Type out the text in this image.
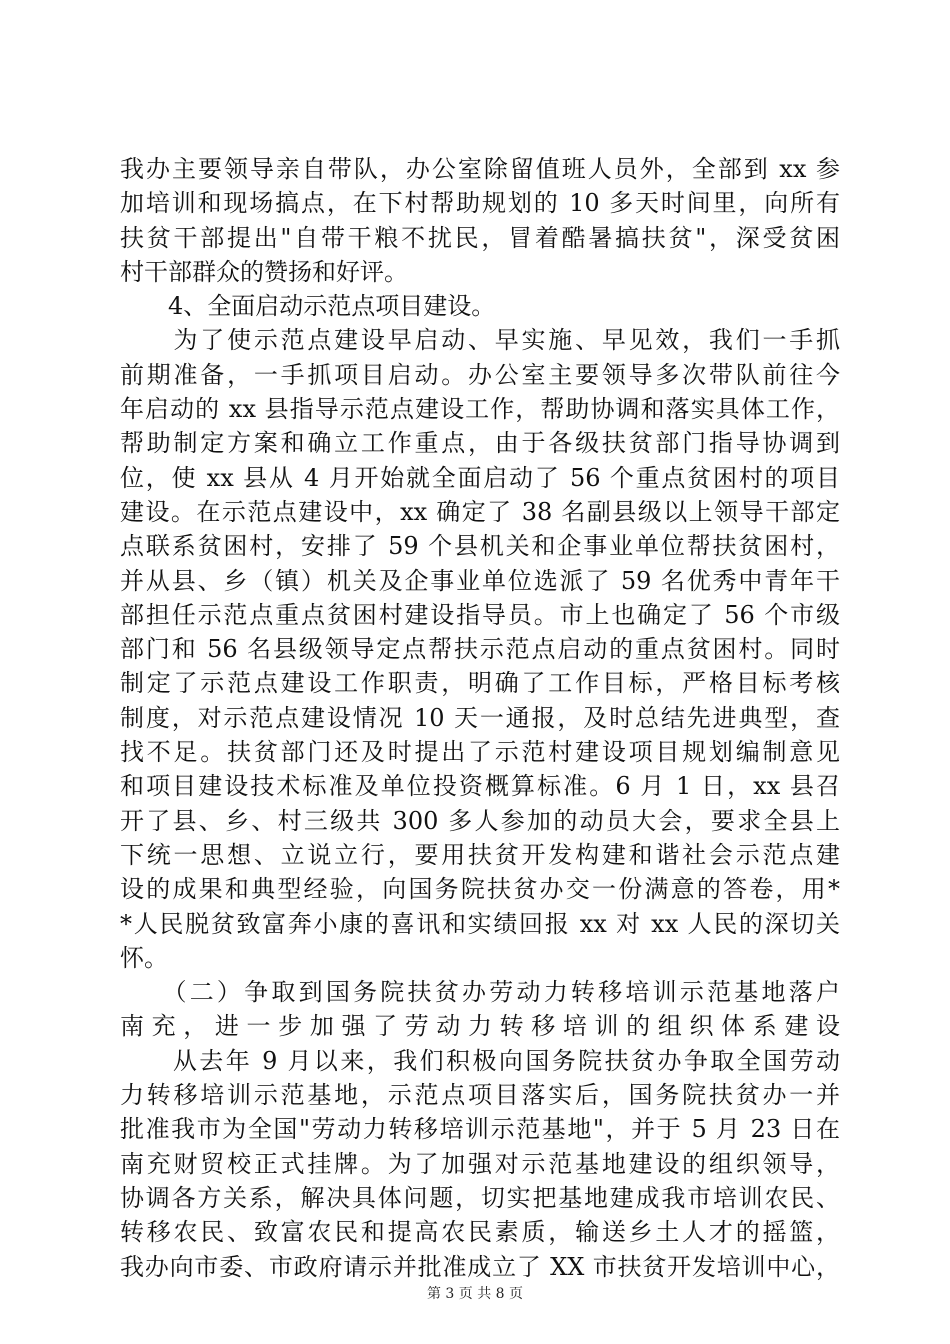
我办主要领导亲自带队，办公室除留值班人员外，全部到 xx 参
加培训和现场搞点，在下村帮助规划的 10 多天时间里，向所有
扶贫干部提出"自带干粮不扰民，冒着酷暑搞扶贫"，深受贫困
村干部群众的赞扬和好评。
　　4、全面启动示范点项目建设。
　　为了使示范点建设早启动、早实施、早见效，我们一手抓
前期准备，一手抓项目启动。办公室主要领导多次带队前往今
年启动的 xx 县指导示范点建设工作，帮助协调和落实具体工作，
帮助制定方案和确立工作重点，由于各级扶贫部门指导协调到
位，使 xx 县从 4 月开始就全面启动了 56 个重点贫困村的项目
建设。在示范点建设中，xx 确定了 38 名副县级以上领导干部定
点联系贫困村，安排了 59 个县机关和企事业单位帮扶贫困村，
并从县、乡（镇）机关及企事业单位选派了 59 名优秀中青年干
部担任示范点重点贫困村建设指导员。市上也确定了 56 个市级
部门和 56 名县级领导定点帮扶示范点启动的重点贫困村。同时
制定了示范点建设工作职责，明确了工作目标，严格目标考核
制度，对示范点建设情况 10 天一通报，及时总结先进典型，查
找不足。扶贫部门还及时提出了示范村建设项目规划编制意见
和项目建设技术标准及单位投资概算标准。6 月 1 日，xx 县召
开了县、乡、村三级共 300 多人参加的动员大会，要求全县上
下统一思想、立说立行，要用扶贫开发构建和谐社会示范点建
设的成果和典型经验，向国务院扶贫办交一份满意的答卷，用*
*人民脱贫致富奔小康的喜讯和实绩回报 xx 对 xx 人民的深切关
怀。
　　（二）争取到国务院扶贫办劳动力转移培训示范基地落户
南充，进一步加强了劳动力转移培训的组织体系建设
　　从去年 9 月以来，我们积极向国务院扶贫办争取全国劳动
力转移培训示范基地，示范点项目落实后，国务院扶贫办一并
批准我市为全国"劳动力转移培训示范基地"，并于 5 月 23 日在
南充财贸校正式挂牌。为了加强对示范基地建设的组织领导，
协调各方关系，解决具体问题，切实把基地建成我市培训农民、
转移农民、致富农民和提高农民素质，输送乡土人才的摇篮，
我办向市委、市政府请示并批准成立了 XX 市扶贫开发培训中心，
第 3 页 共 8 页
